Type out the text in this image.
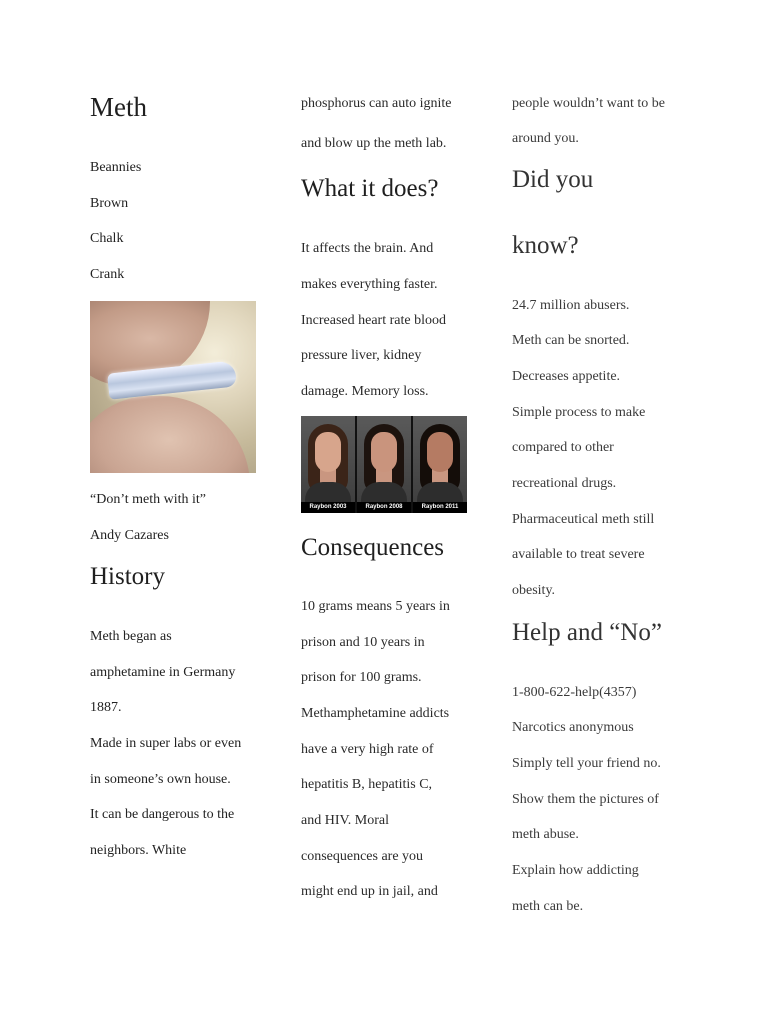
Meth
Beannies
Brown
Chalk
Crank
“Don’t meth with it”
Andy Cazares
History
Meth began as
amphetamine in Germany
1887.
Made in super labs or even
in someone’s own house.
It can be dangerous to the
neighbors. White
phosphorus can auto ignite
and blow up the meth lab.
What it does?
It affects the brain. And
makes everything faster.
Increased heart rate blood
pressure liver, kidney
damage. Memory loss.
Raybon 2003	Raybon 2008	Raybon 2011
Consequences
10 grams means 5 years in
prison and 10 years in
prison for 100 grams.
Methamphetamine addicts
have a very high rate of
hepatitis B, hepatitis C,
and HIV. Moral
consequences are you
might end up in jail, and
people wouldn’t want to be
around you.
Did you
know?
24.7 million abusers.
Meth can be snorted.
Decreases appetite.
Simple process to make
compared to other
recreational drugs.
Pharmaceutical meth still
available to treat severe
obesity.
Help and “No”
1-800-622-help(4357)
Narcotics anonymous
Simply tell your friend no.
Show them the pictures of
meth abuse.
Explain how addicting
meth can be.
